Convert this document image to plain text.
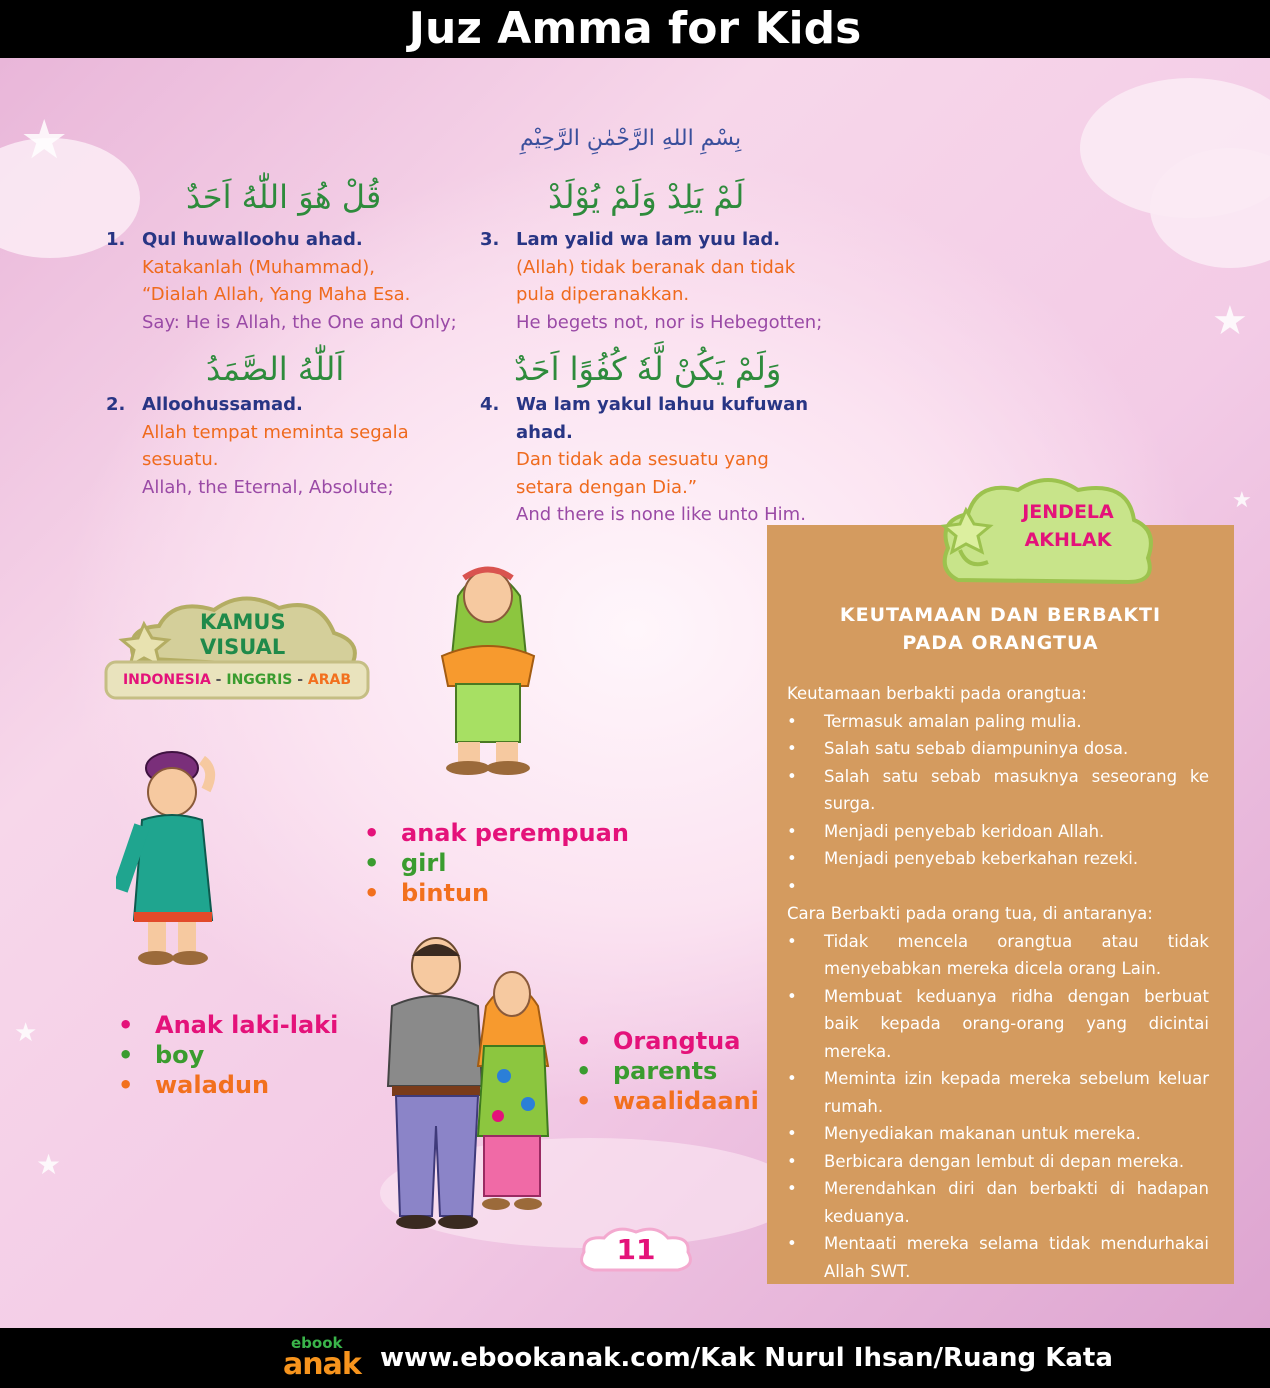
Juz Amma for Kids
★
★
★
★
★
بِسْمِ اللهِ الرَّحْمٰنِ الرَّحِيْمِ
قُلْ هُوَ اللّٰهُ اَحَدٌ	لَمْ يَلِدْ وَلَمْ يُوْلَدْ
اَللّٰهُ الصَّمَدُ	وَلَمْ يَكُنْ لَّهٗ كُفُوًا اَحَدٌ
1. Qul huwalloohu ahad.
Katakanlah (Muhammad), “Dialah Allah, Yang Maha Esa.
Say: He is Allah, the One and Only;
2. Alloohussamad.
Allah tempat meminta segala sesuatu.
Allah, the Eternal, Absolute;
3. Lam yalid wa lam yuu lad.
(Allah) tidak beranak dan tidak pula diperanakkan.
He begets not, nor is Hebegotten;
4. Wa lam yakul lahuu kufuwan ahad.
Dan tidak ada sesuatu yang setara dengan Dia.”
And there is none like unto Him.
KAMUS
VISUAL
INDONESIA - INGGRIS - ARAB
• anak perempuan
• girl
• bintun
• Anak laki-laki
• boy
• waladun
• Orangtua
• parents
• waalidaani
11
KEUTAMAAN DAN BERBAKTI
PADA ORANGTUA
Keutamaan berbakti pada orangtua:
• Termasuk amalan paling mulia.
• Salah satu sebab diampuninya dosa.
• Salah satu sebab masuknya seseorang ke surga.
• Menjadi penyebab keridoan Allah.
• Menjadi penyebab keberkahan rezeki.
•
Cara Berbakti pada orang tua, di antaranya:
• Tidak mencela orangtua atau tidak menyebabkan mereka dicela orang Lain.
• Membuat keduanya ridha dengan berbuat baik kepada orang-orang yang dicintai mereka.
• Meminta izin kepada mereka sebelum keluar rumah.
• Menyediakan makanan untuk mereka.
• Berbicara dengan lembut di depan mereka.
• Merendahkan diri dan berbakti di hadapan keduanya.
• Mentaati mereka selama tidak mendurhakai Allah SWT.
JENDELA
AKHLAK
ebook
anak www.ebookanak.com/Kak Nurul Ihsan/Ruang Kata
